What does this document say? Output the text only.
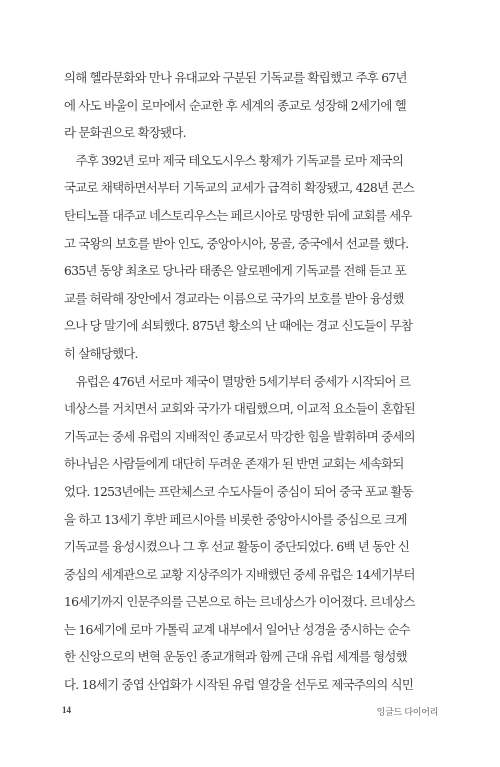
의해 헬라문화와 만나 유대교와 구분된 기독교를 확립했고 주후 67년
에 사도 바울이 로마에서 순교한 후 세계의 종교로 성장해 2세기에 헬
라 문화권으로 확장됐다.
　주후 392년 로마 제국 테오도시우스 황제가 기독교를 로마 제국의
국교로 채택하면서부터 기독교의 교세가 급격히 확장됐고, 428년 콘스
탄티노플 대주교 네스토리우스는 페르시아로 망명한 뒤에 교회를 세우
고 국왕의 보호를 받아 인도, 중앙아시아, 몽골, 중국에서 선교를 했다.
635년 동양 최초로 당나라 태종은 알로펜에게 기독교를 전해 듣고 포
교를 허락해 장안에서 경교라는 이름으로 국가의 보호를 받아 융성했
으나 당 말기에 쇠퇴했다. 875년 황소의 난 때에는 경교 신도들이 무참
히 살해당했다.
　유럽은 476년 서로마 제국이 멸망한 5세기부터 중세가 시작되어 르
네상스를 거치면서 교회와 국가가 대립했으며, 이교적 요소들이 혼합된
기독교는 중세 유럽의 지배적인 종교로서 막강한 힘을 발휘하며 중세의
하나님은 사람들에게 대단히 두려운 존재가 된 반면 교회는 세속화되
었다. 1253년에는 프란체스코 수도사들이 중심이 되어 중국 포교 활동
을 하고 13세기 후반 페르시아를 비롯한 중앙아시아를 중심으로 크게
기독교를 융성시켰으나 그 후 선교 활동이 중단되었다. 6백 년 동안 신
중심의 세계관으로 교황 지상주의가 지배했던 중세 유럽은 14세기부터
16세기까지 인문주의를 근본으로 하는 르네상스가 이어졌다. 르네상스
는 16세기에 로마 가톨릭 교계 내부에서 일어난 성경을 중시하는 순수
한 신앙으로의 변혁 운동인 종교개혁과 함께 근대 유럽 세계를 형성했
다. 18세기 중엽 산업화가 시작된 유럽 열강을 선두로 제국주의의 식민
14	잉글드 다이어리
